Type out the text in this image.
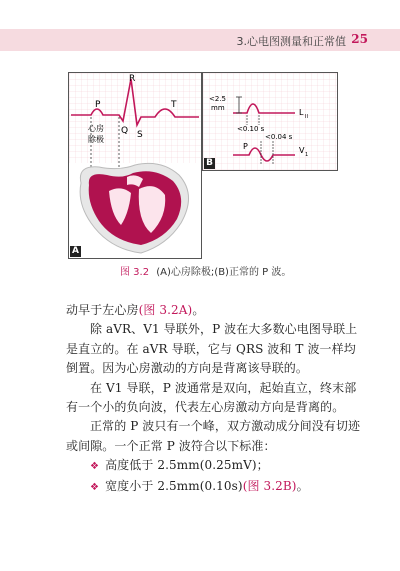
3.心电图测量和正常值 25
P
R
Q S
T
心房
除极
A
<2.5
mm
<0.10 s
L II
<0.04 s
P	V 1
B
图 3.2 (A)心房除极;(B)正常的 P 波。

动早于左心房(图 3.2A)。

除 aVR、V1 导联外，P 波在大多数心电图导联上是直立的。在 aVR 导联，它与 QRS 波和 T 波一样均倒置。因为心房激动的方向是背离该导联的。

在 V1 导联，P 波通常是双向，起始直立，终末部有一个小的负向波，代表左心房激动方向是背离的。

正常的 P 波只有一个峰，双方激动成分间没有切迹或间隙。一个正常 P 波符合以下标准：

❖ 高度低于 2.5mm(0.25mV)；

❖ 宽度小于 2.5mm(0.10s)(图 3.2B)。
